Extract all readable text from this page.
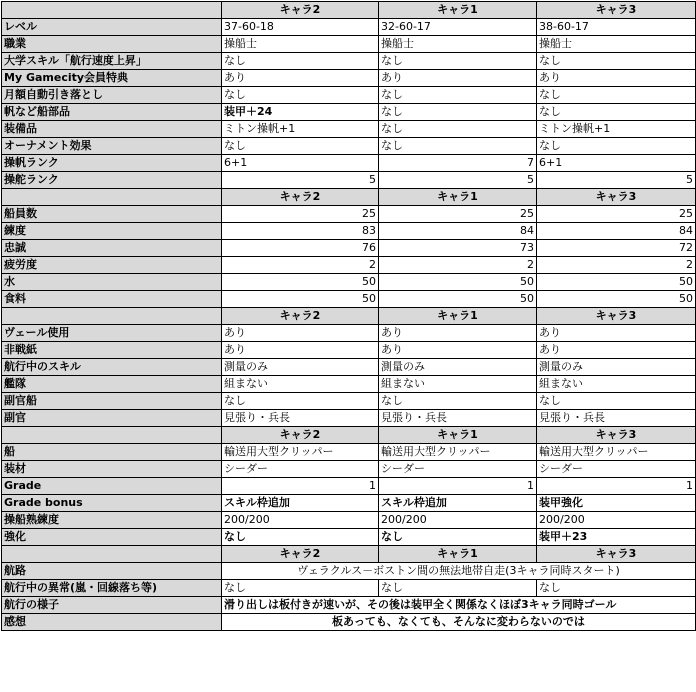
	キャラ2	キャラ1	キャラ3
レベル	37-60-18	32-60-17	38-60-17
職業	操船士	操船士	操船士
大学スキル「航行速度上昇」	なし	なし	なし
My Gamecity会員特典	あり	あり	あり
月額自動引き落とし	なし	なし	なし
帆など船部品	装甲＋24	なし	なし
装備品	ミトン操帆+1	なし	ミトン操帆+1
オーナメント効果	なし	なし	なし
操帆ランク	6+1	7	6+1
操舵ランク	5	5	5
	キャラ2	キャラ1	キャラ3
船員数	25	25	25
練度	83	84	84
忠誠	76	73	72
疲労度	2	2	2
水	50	50	50
食料	50	50	50
	キャラ2	キャラ1	キャラ3
ヴェール使用	あり	あり	あり
非戦紙	あり	あり	あり
航行中のスキル	測量のみ	測量のみ	測量のみ
艦隊	組まない	組まない	組まない
副官船	なし	なし	なし
副官	見張り・兵長	見張り・兵長	見張り・兵長
	キャラ2	キャラ1	キャラ3
船	輸送用大型クリッパー	輸送用大型クリッパー	輸送用大型クリッパー
装材	シーダー	シーダー	シーダー
Grade	1	1	1
Grade bonus	スキル枠追加	スキル枠追加	装甲強化
操船熟練度	200/200	200/200	200/200
強化	なし	なし	装甲＋23
	キャラ2	キャラ1	キャラ3
航路	ヴェラクルス－ボストン間の無法地帯自走(3キャラ同時スタート)		
航行中の異常(嵐・回線落ち等)	なし	なし	なし
航行の様子	滑り出しは板付きが速いが、その後は装甲全く関係なくほぼ3キャラ同時ゴール		
感想	板あっても、なくても、そんなに変わらないのでは		
